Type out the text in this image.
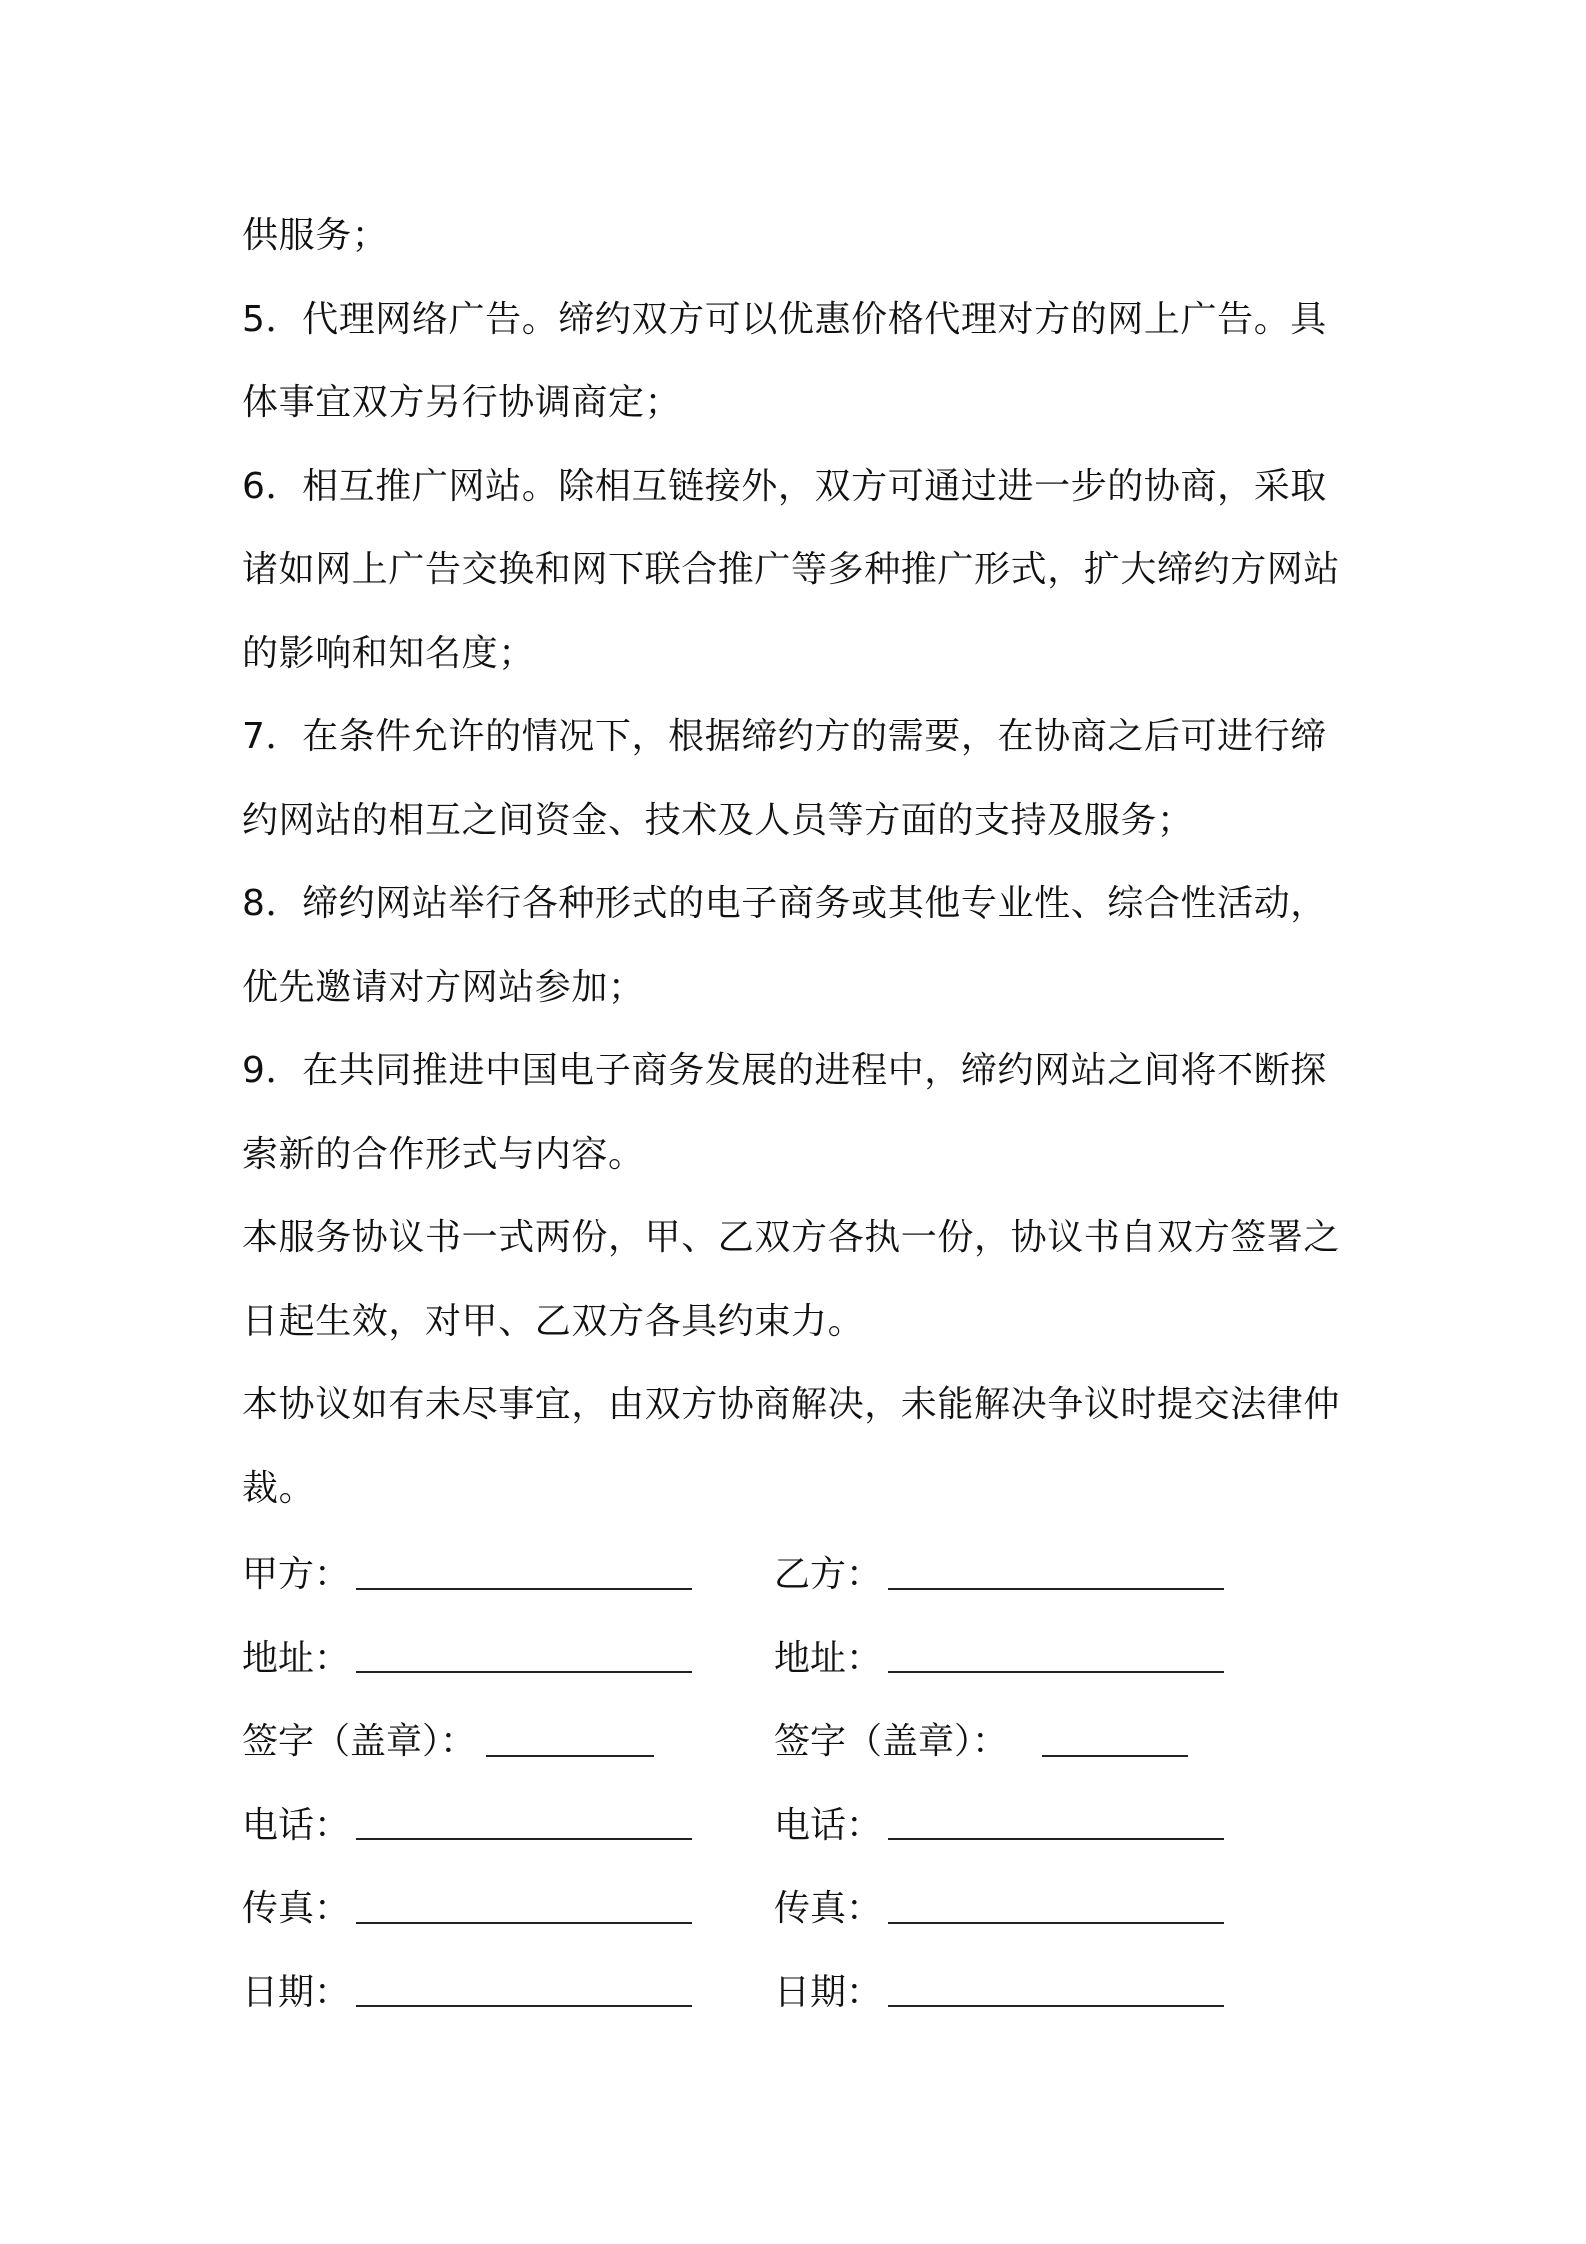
供服务；

5．代理网络广告。缔约双方可以优惠价格代理对方的网上广告。具
体事宜双方另行协调商定；

6．相互推广网站。除相互链接外，双方可通过进一步的协商，采取
诸如网上广告交换和网下联合推广等多种推广形式，扩大缔约方网站
的影响和知名度；

7．在条件允许的情况下，根据缔约方的需要，在协商之后可进行缔
约网站的相互之间资金、技术及人员等方面的支持及服务；

8．缔约网站举行各种形式的电子商务或其他专业性、综合性活动，
优先邀请对方网站参加；

9．在共同推进中国电子商务发展的进程中，缔约网站之间将不断探
索新的合作形式与内容。

本服务协议书一式两份，甲、乙双方各执一份，协议书自双方签署之
日起生效，对甲、乙双方各具约束力。

本协议如有未尽事宜，由双方协商解决，未能解决争议时提交法律仲
裁。

甲方：	乙方：
地址：	地址：
签字（盖章）：	签字（盖章）：
电话：	电话：
传真：	传真：
日期：	日期：
